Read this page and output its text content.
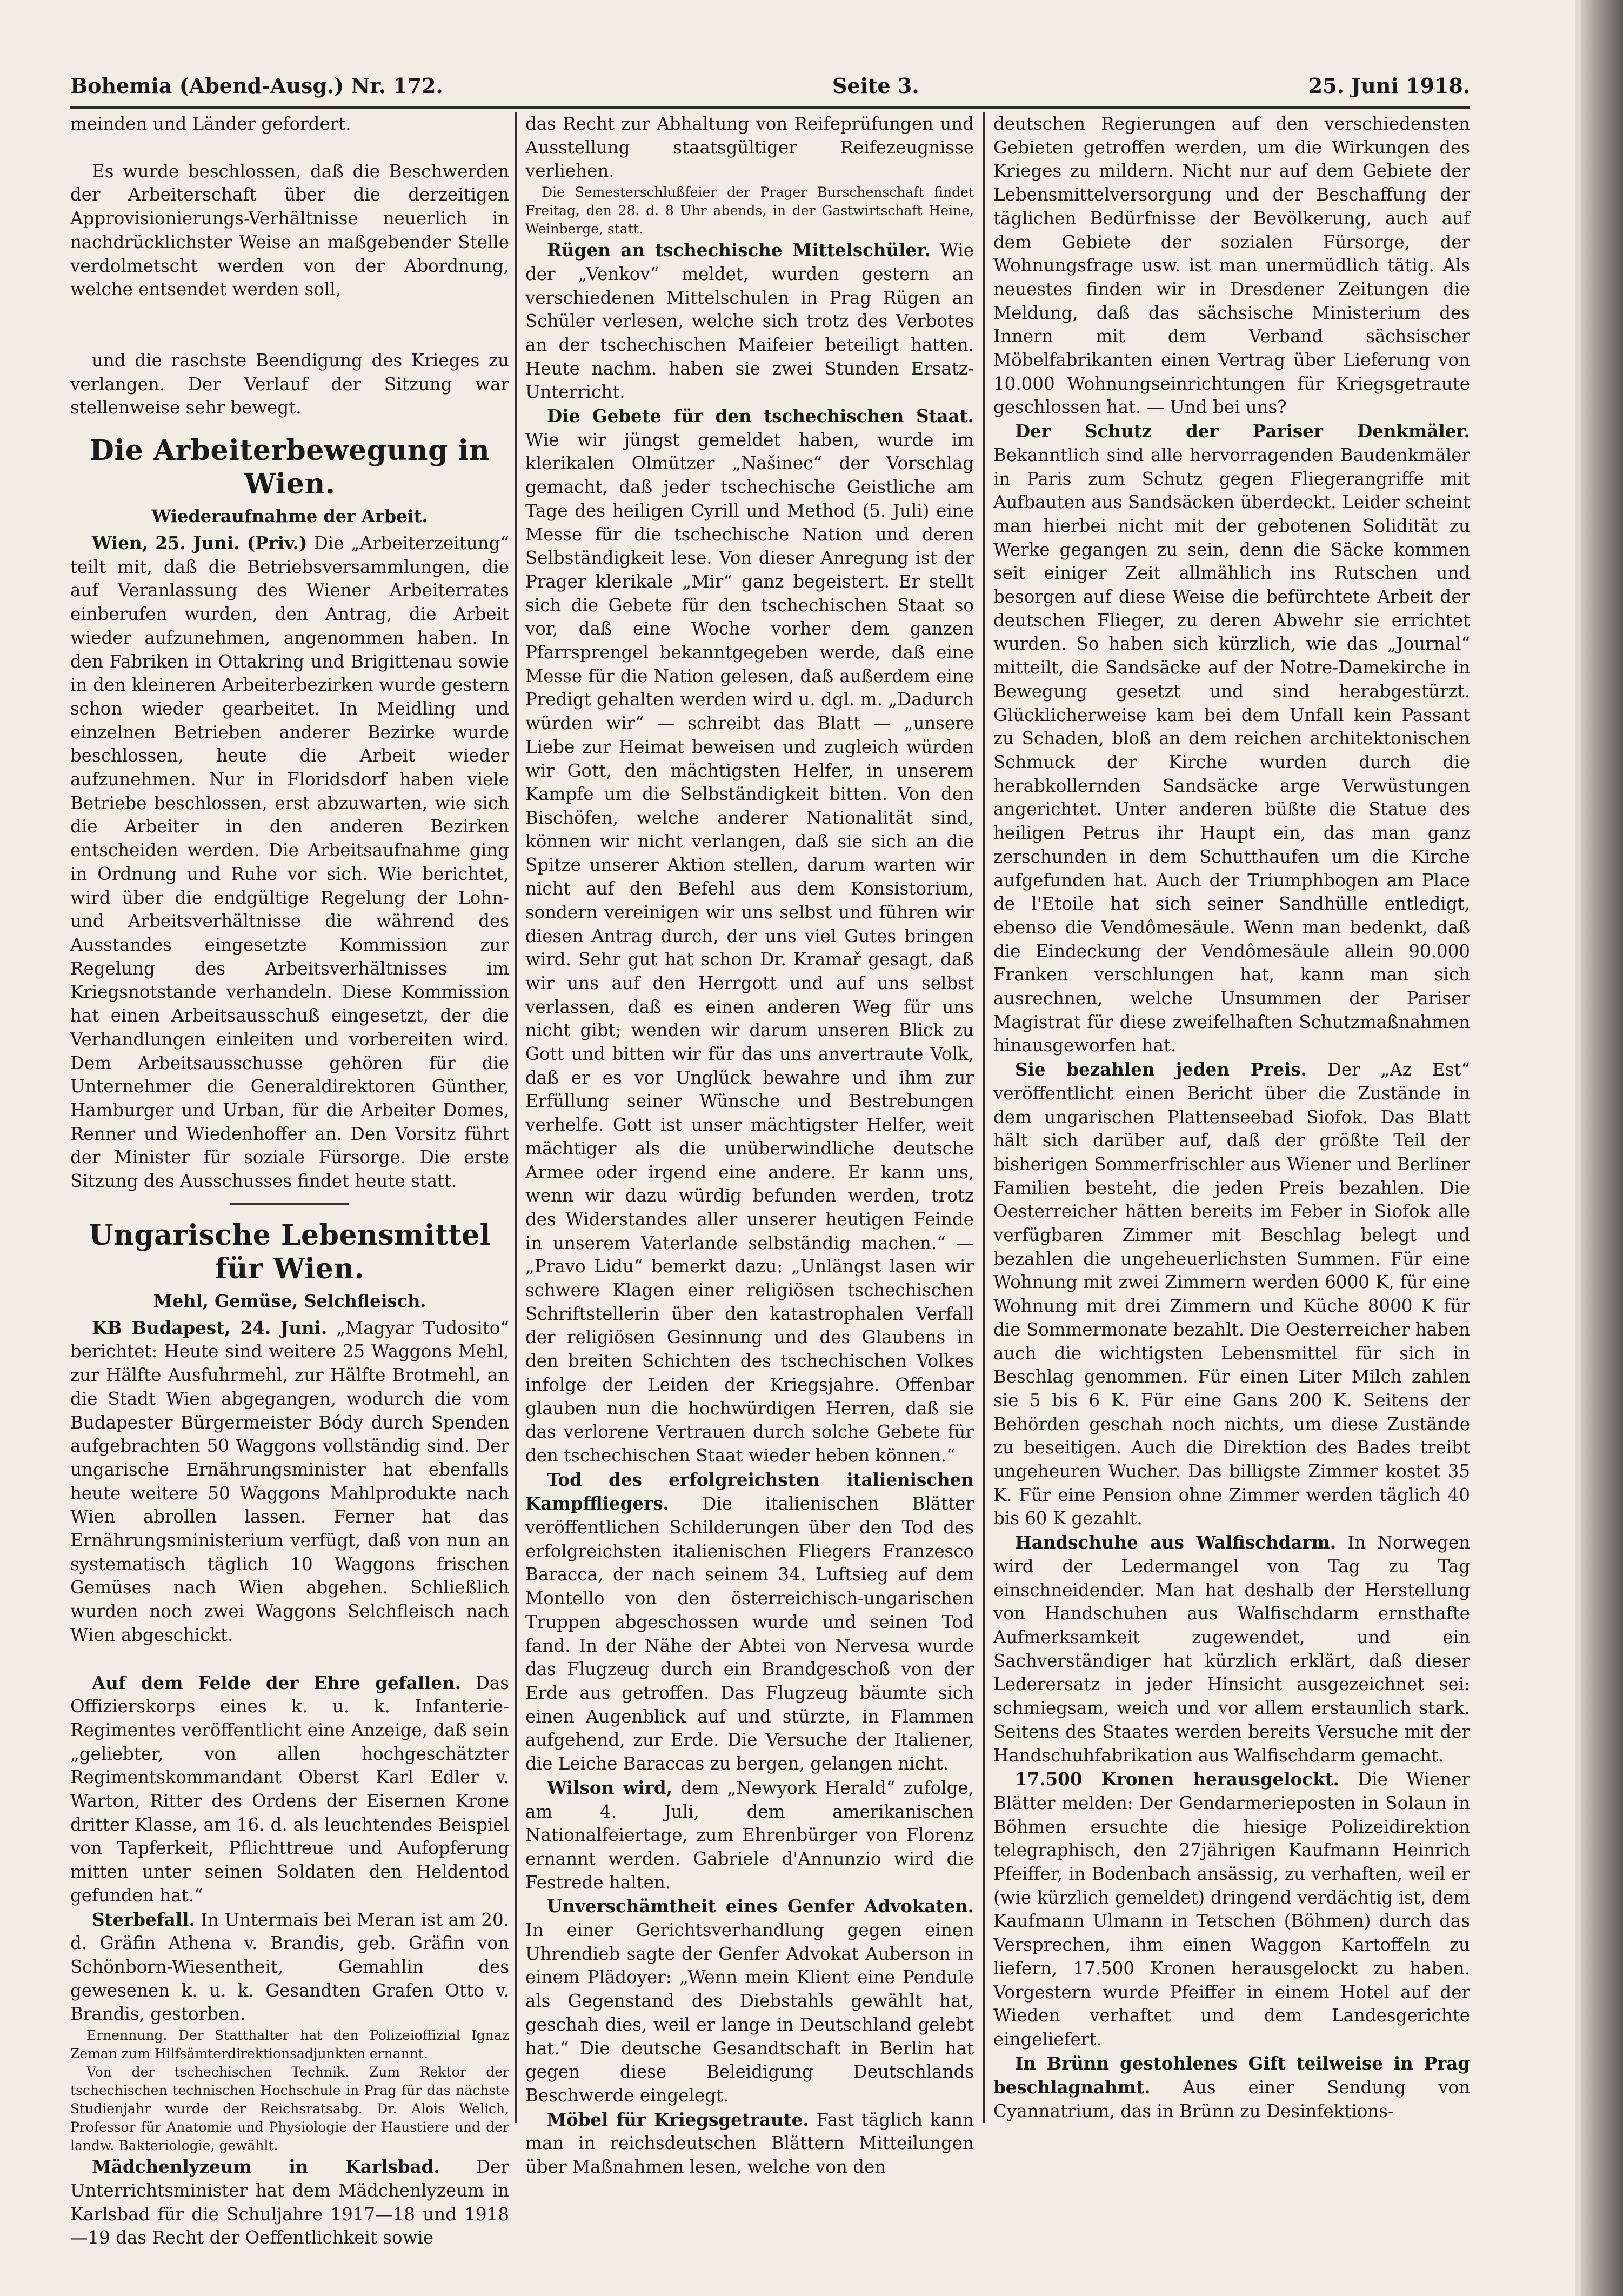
Bohemia (Abend-Ausg.) Nr. 172.	Seite 3.	25. Juni 1918.

meinden und Länder gefordert.

Es wurde beschlossen, daß die Beschwerden der Arbeiterschaft über die derzeitigen Approvisionierungs-Verhältnisse neuerlich in nachdrücklichster Weise an maßgebender Stelle verdolmetscht werden von der Abordnung, welche entsendet werden soll,

und die raschste Beendigung des Krieges zu verlangen. Der Verlauf der Sitzung war stellenweise sehr bewegt.

Die Arbeiterbewegung in Wien.
Wiederaufnahme der Arbeit.

Wien, 25. Juni. (Priv.) Die „Arbeiterzeitung“ teilt mit, daß die Betriebsversammlungen, die auf Veranlassung des Wiener Arbeiterrates einberufen wurden, den Antrag, die Arbeit wieder aufzunehmen, angenommen haben. In den Fabriken in Ottakring und Brigittenau sowie in den kleineren Arbeiterbezirken wurde gestern schon wieder gearbeitet. In Meidling und einzelnen Betrieben anderer Bezirke wurde beschlossen, heute die Arbeit wieder aufzunehmen. Nur in Floridsdorf haben viele Betriebe beschlossen, erst abzuwarten, wie sich die Arbeiter in den anderen Bezirken entscheiden werden. Die Arbeitsaufnahme ging in Ordnung und Ruhe vor sich. Wie berichtet, wird über die endgültige Regelung der Lohn- und Arbeitsverhältnisse die während des Ausstandes eingesetzte Kommission zur Regelung des Arbeitsverhältnisses im Kriegsnotstande verhandeln. Diese Kommission hat einen Arbeitsausschuß eingesetzt, der die Verhandlungen einleiten und vorbereiten wird. Dem Arbeitsausschusse gehören für die Unternehmer die Generaldirektoren Günther, Hamburger und Urban, für die Arbeiter Domes, Renner und Wiedenhoffer an. Den Vorsitz führt der Minister für soziale Fürsorge. Die erste Sitzung des Ausschusses findet heute statt.

Ungarische Lebensmittel für Wien.
Mehl, Gemüse, Selchfleisch.

KB Budapest, 24. Juni. „Magyar Tudosito“ berichtet: Heute sind weitere 25 Waggons Mehl, zur Hälfte Ausfuhrmehl, zur Hälfte Brotmehl, an die Stadt Wien abgegangen, wodurch die vom Budapester Bürgermeister Bódy durch Spenden aufgebrachten 50 Waggons vollständig sind. Der ungarische Ernährungsminister hat ebenfalls heute weitere 50 Waggons Mahlprodukte nach Wien abrollen lassen. Ferner hat das Ernährungsministerium verfügt, daß von nun an systematisch täglich 10 Waggons frischen Gemüses nach Wien abgehen. Schließlich wurden noch zwei Waggons Selchfleisch nach Wien abgeschickt.

Auf dem Felde der Ehre gefallen. Das Offizierskorps eines k. u. k. Infanterie-Regimentes veröffentlicht eine Anzeige, daß sein „geliebter, von allen hochgeschätzter Regimentskommandant Oberst Karl Edler v. Warton, Ritter des Ordens der Eisernen Krone dritter Klasse, am 16. d. als leuchtendes Beispiel von Tapferkeit, Pflichttreue und Aufopferung mitten unter seinen Soldaten den Heldentod gefunden hat.“

Sterbefall. In Untermais bei Meran ist am 20. d. Gräfin Athena v. Brandis, geb. Gräfin von Schönborn-Wiesentheit, Gemahlin des gewesenen k. u. k. Gesandten Grafen Otto v. Brandis, gestorben.

Ernennung. Der Statthalter hat den Polizeioffizial Ignaz Zeman zum Hilfsämterdirektionsadjunkten ernannt.

Von der tschechischen Technik. Zum Rektor der tschechischen technischen Hochschule in Prag für das nächste Studienjahr wurde der Reichsratsabg. Dr. Alois Welich, Professor für Anatomie und Physiologie der Haustiere und der landw. Bakteriologie, gewählt.

Mädchenlyzeum in Karlsbad. Der Unterrichtsminister hat dem Mädchenlyzeum in Karlsbad für die Schuljahre 1917—18 und 1918—19 das Recht der Oeffentlichkeit sowie

das Recht zur Abhaltung von Reifeprüfungen und Ausstellung staatsgültiger Reifezeugnisse verliehen.

Die Semesterschlußfeier der Prager Burschenschaft findet Freitag, den 28. d. 8 Uhr abends, in der Gastwirtschaft Heine, Weinberge, statt.

Rügen an tschechische Mittelschüler. Wie der „Venkov“ meldet, wurden gestern an verschiedenen Mittelschulen in Prag Rügen an Schüler verlesen, welche sich trotz des Verbotes an der tschechischen Maifeier beteiligt hatten. Heute nachm. haben sie zwei Stunden Ersatz-Unterricht.

Die Gebete für den tschechischen Staat. Wie wir jüngst gemeldet haben, wurde im klerikalen Olmützer „Našinec“ der Vorschlag gemacht, daß jeder tschechische Geistliche am Tage des heiligen Cyrill und Method (5. Juli) eine Messe für die tschechische Nation und deren Selbständigkeit lese. Von dieser Anregung ist der Prager klerikale „Mir“ ganz begeistert. Er stellt sich die Gebete für den tschechischen Staat so vor, daß eine Woche vorher dem ganzen Pfarrsprengel bekanntgegeben werde, daß eine Messe für die Nation gelesen, daß außerdem eine Predigt gehalten werden wird u. dgl. m. „Dadurch würden wir“ — schreibt das Blatt — „unsere Liebe zur Heimat beweisen und zugleich würden wir Gott, den mächtigsten Helfer, in unserem Kampfe um die Selbständigkeit bitten. Von den Bischöfen, welche anderer Nationalität sind, können wir nicht verlangen, daß sie sich an die Spitze unserer Aktion stellen, darum warten wir nicht auf den Befehl aus dem Konsistorium, sondern vereinigen wir uns selbst und führen wir diesen Antrag durch, der uns viel Gutes bringen wird. Sehr gut hat schon Dr. Kramař gesagt, daß wir uns auf den Herrgott und auf uns selbst verlassen, daß es einen anderen Weg für uns nicht gibt; wenden wir darum unseren Blick zu Gott und bitten wir für das uns anvertraute Volk, daß er es vor Unglück bewahre und ihm zur Erfüllung seiner Wünsche und Bestrebungen verhelfe. Gott ist unser mächtigster Helfer, weit mächtiger als die unüberwindliche deutsche Armee oder irgend eine andere. Er kann uns, wenn wir dazu würdig befunden werden, trotz des Widerstandes aller unserer heutigen Feinde in unserem Vaterlande selbständig machen.“ — „Pravo Lidu“ bemerkt dazu: „Unlängst lasen wir schwere Klagen einer religiösen tschechischen Schriftstellerin über den katastrophalen Verfall der religiösen Gesinnung und des Glaubens in den breiten Schichten des tschechischen Volkes infolge der Leiden der Kriegsjahre. Offenbar glauben nun die hochwürdigen Herren, daß sie das verlorene Vertrauen durch solche Gebete für den tschechischen Staat wieder heben können.“

Tod des erfolgreichsten italienischen Kampffliegers. Die italienischen Blätter veröffentlichen Schilderungen über den Tod des erfolgreichsten italienischen Fliegers Franzesco Baracca, der nach seinem 34. Luftsieg auf dem Montello von den österreichisch-ungarischen Truppen abgeschossen wurde und seinen Tod fand. In der Nähe der Abtei von Nervesa wurde das Flugzeug durch ein Brandgeschoß von der Erde aus getroffen. Das Flugzeug bäumte sich einen Augenblick auf und stürzte, in Flammen aufgehend, zur Erde. Die Versuche der Italiener, die Leiche Baraccas zu bergen, gelangen nicht.

Wilson wird, dem „Newyork Herald“ zufolge, am 4. Juli, dem amerikanischen Nationalfeiertage, zum Ehrenbürger von Florenz ernannt werden. Gabriele d'Annunzio wird die Festrede halten.

Unverschämtheit eines Genfer Advokaten. In einer Gerichtsverhandlung gegen einen Uhrendieb sagte der Genfer Advokat Auberson in einem Plädoyer: „Wenn mein Klient eine Pendule als Gegenstand des Diebstahls gewählt hat, geschah dies, weil er lange in Deutschland gelebt hat.“ Die deutsche Gesandtschaft in Berlin hat gegen diese Beleidigung Deutschlands Beschwerde eingelegt.

Möbel für Kriegsgetraute. Fast täglich kann man in reichsdeutschen Blättern Mitteilungen über Maßnahmen lesen, welche von den

deutschen Regierungen auf den verschiedensten Gebieten getroffen werden, um die Wirkungen des Krieges zu mildern. Nicht nur auf dem Gebiete der Lebensmittelversorgung und der Beschaffung der täglichen Bedürfnisse der Bevölkerung, auch auf dem Gebiete der sozialen Fürsorge, der Wohnungsfrage usw. ist man unermüdlich tätig. Als neuestes finden wir in Dresdener Zeitungen die Meldung, daß das sächsische Ministerium des Innern mit dem Verband sächsischer Möbelfabrikanten einen Vertrag über Lieferung von 10.000 Wohnungseinrichtungen für Kriegsgetraute geschlossen hat. — Und bei uns?

Der Schutz der Pariser Denkmäler. Bekanntlich sind alle hervorragenden Baudenkmäler in Paris zum Schutz gegen Fliegerangriffe mit Aufbauten aus Sandsäcken überdeckt. Leider scheint man hierbei nicht mit der gebotenen Solidität zu Werke gegangen zu sein, denn die Säcke kommen seit einiger Zeit allmählich ins Rutschen und besorgen auf diese Weise die befürchtete Arbeit der deutschen Flieger, zu deren Abwehr sie errichtet wurden. So haben sich kürzlich, wie das „Journal“ mitteilt, die Sandsäcke auf der Notre-Damekirche in Bewegung gesetzt und sind herabgestürzt. Glücklicherweise kam bei dem Unfall kein Passant zu Schaden, bloß an dem reichen architektonischen Schmuck der Kirche wurden durch die herabkollernden Sandsäcke arge Verwüstungen angerichtet. Unter anderen büßte die Statue des heiligen Petrus ihr Haupt ein, das man ganz zerschunden in dem Schutthaufen um die Kirche aufgefunden hat. Auch der Triumphbogen am Place de l'Etoile hat sich seiner Sandhülle entledigt, ebenso die Vendômesäule. Wenn man bedenkt, daß die Eindeckung der Vendômesäule allein 90.000 Franken verschlungen hat, kann man sich ausrechnen, welche Unsummen der Pariser Magistrat für diese zweifelhaften Schutzmaßnahmen hinausgeworfen hat.

Sie bezahlen jeden Preis. Der „Az Est“ veröffentlicht einen Bericht über die Zustände in dem ungarischen Plattenseebad Siofok. Das Blatt hält sich darüber auf, daß der größte Teil der bisherigen Sommerfrischler aus Wiener und Berliner Familien besteht, die jeden Preis bezahlen. Die Oesterreicher hätten bereits im Feber in Siofok alle verfügbaren Zimmer mit Beschlag belegt und bezahlen die ungeheuerlichsten Summen. Für eine Wohnung mit zwei Zimmern werden 6000 K, für eine Wohnung mit drei Zimmern und Küche 8000 K für die Sommermonate bezahlt. Die Oesterreicher haben auch die wichtigsten Lebensmittel für sich in Beschlag genommen. Für einen Liter Milch zahlen sie 5 bis 6 K. Für eine Gans 200 K. Seitens der Behörden geschah noch nichts, um diese Zustände zu beseitigen. Auch die Direktion des Bades treibt ungeheuren Wucher. Das billigste Zimmer kostet 35 K. Für eine Pension ohne Zimmer werden täglich 40 bis 60 K gezahlt.

Handschuhe aus Walfischdarm. In Norwegen wird der Ledermangel von Tag zu Tag einschneidender. Man hat deshalb der Herstellung von Handschuhen aus Walfischdarm ernsthafte Aufmerksamkeit zugewendet, und ein Sachverständiger hat kürzlich erklärt, daß dieser Lederersatz in jeder Hinsicht ausgezeichnet sei: schmiegsam, weich und vor allem erstaunlich stark. Seitens des Staates werden bereits Versuche mit der Handschuhfabrikation aus Walfischdarm gemacht.

17.500 Kronen herausgelockt. Die Wiener Blätter melden: Der Gendarmerieposten in Solaun in Böhmen ersuchte die hiesige Polizeidirektion telegraphisch, den 27jährigen Kaufmann Heinrich Pfeiffer, in Bodenbach ansässig, zu verhaften, weil er (wie kürzlich gemeldet) dringend verdächtig ist, dem Kaufmann Ulmann in Tetschen (Böhmen) durch das Versprechen, ihm einen Waggon Kartoffeln zu liefern, 17.500 Kronen herausgelockt zu haben. Vorgestern wurde Pfeiffer in einem Hotel auf der Wieden verhaftet und dem Landesgerichte eingeliefert.

In Brünn gestohlenes Gift teilweise in Prag beschlagnahmt. Aus einer Sendung von Cyannatrium, das in Brünn zu Desinfektions-
